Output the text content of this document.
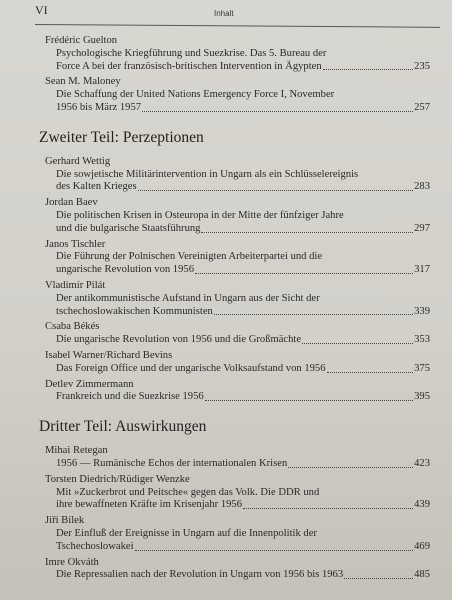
VI	Inhalt
Frédéric Guelton
Psychologische Kriegführung und Suezkrise. Das 5. Bureau der
Force A bei der französisch-britischen Intervention in Ägypten	235
Sean M. Maloney
Die Schaffung der United Nations Emergency Force I, November
1956 bis März 1957	257
Zweiter Teil: Perzeptionen
Gerhard Wettig
Die sowjetische Militärintervention in Ungarn als ein Schlüsselereignis
des Kalten Krieges	283
Jordan Baev
Die politischen Krisen in Osteuropa in der Mitte der fünfziger Jahre
und die bulgarische Staatsführung	297
Janos Tischler
Die Führung der Polnischen Vereinigten Arbeiterpartei und die
ungarische Revolution von 1956	317
Vladimír Pilát
Der antikommunistische Aufstand in Ungarn aus der Sicht der
tschechoslowakischen Kommunisten	339
Csaba Békés
Die ungarische Revolution von 1956 und die Großmächte	353
Isabel Warner/Richard Bevins
Das Foreign Office und der ungarische Volksaufstand von 1956	375
Detlev Zimmermann
Frankreich und die Suezkrise 1956	395
Dritter Teil: Auswirkungen
Mihai Retegan
1956 — Rumänische Echos der internationalen Krisen	423
Torsten Diedrich/Rüdiger Wenzke
Mit »Zuckerbrot und Peitsche« gegen das Volk. Die DDR und
ihre bewaffneten Kräfte im Krisenjahr 1956	439
Jiří Bílek
Der Einfluß der Ereignisse in Ungarn auf die Innenpolitik der
Tschechoslowakei	469
Imre Okváth
Die Repressalien nach der Revolution in Ungarn von 1956 bis 1963	485
